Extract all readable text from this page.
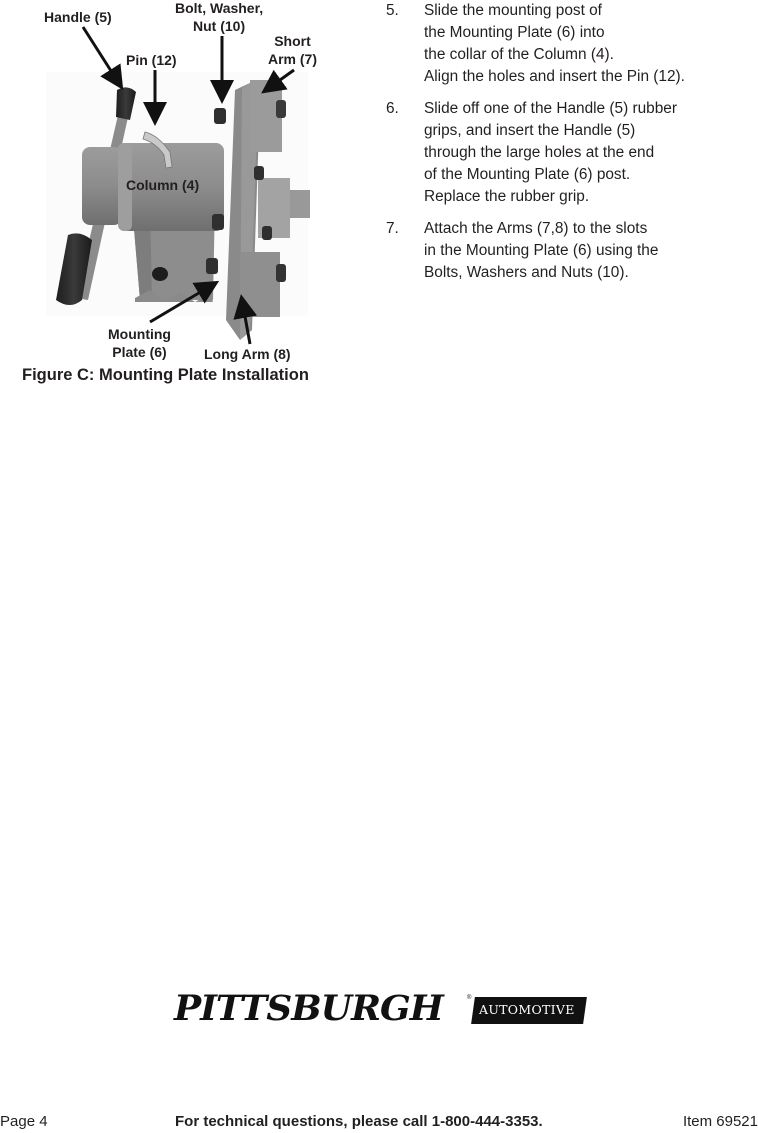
Handle (5)
Bolt, Washer,
Nut (10)
Pin (12)
Short
Arm (7)
Column (4)
Mounting
Plate (6)	Long Arm (8)
Figure C: Mounting Plate Installation
5. Slide the mounting post of
the Mounting Plate (6) into
the collar of the Column (4).
Align the holes and insert the Pin (12).
6. Slide off one of the Handle (5) rubber
grips, and insert the Handle (5)
through the large holes at the end
of the Mounting Plate (6) post.
Replace the rubber grip.
7. Attach the Arms (7,8) to the slots
in the Mounting Plate (6) using the
Bolts, Washers and Nuts (10).
PITTSBURGH	®
AUTOMOTIVE
Page 4	For technical questions, please call 1-800-444-3353.	Item 69521
